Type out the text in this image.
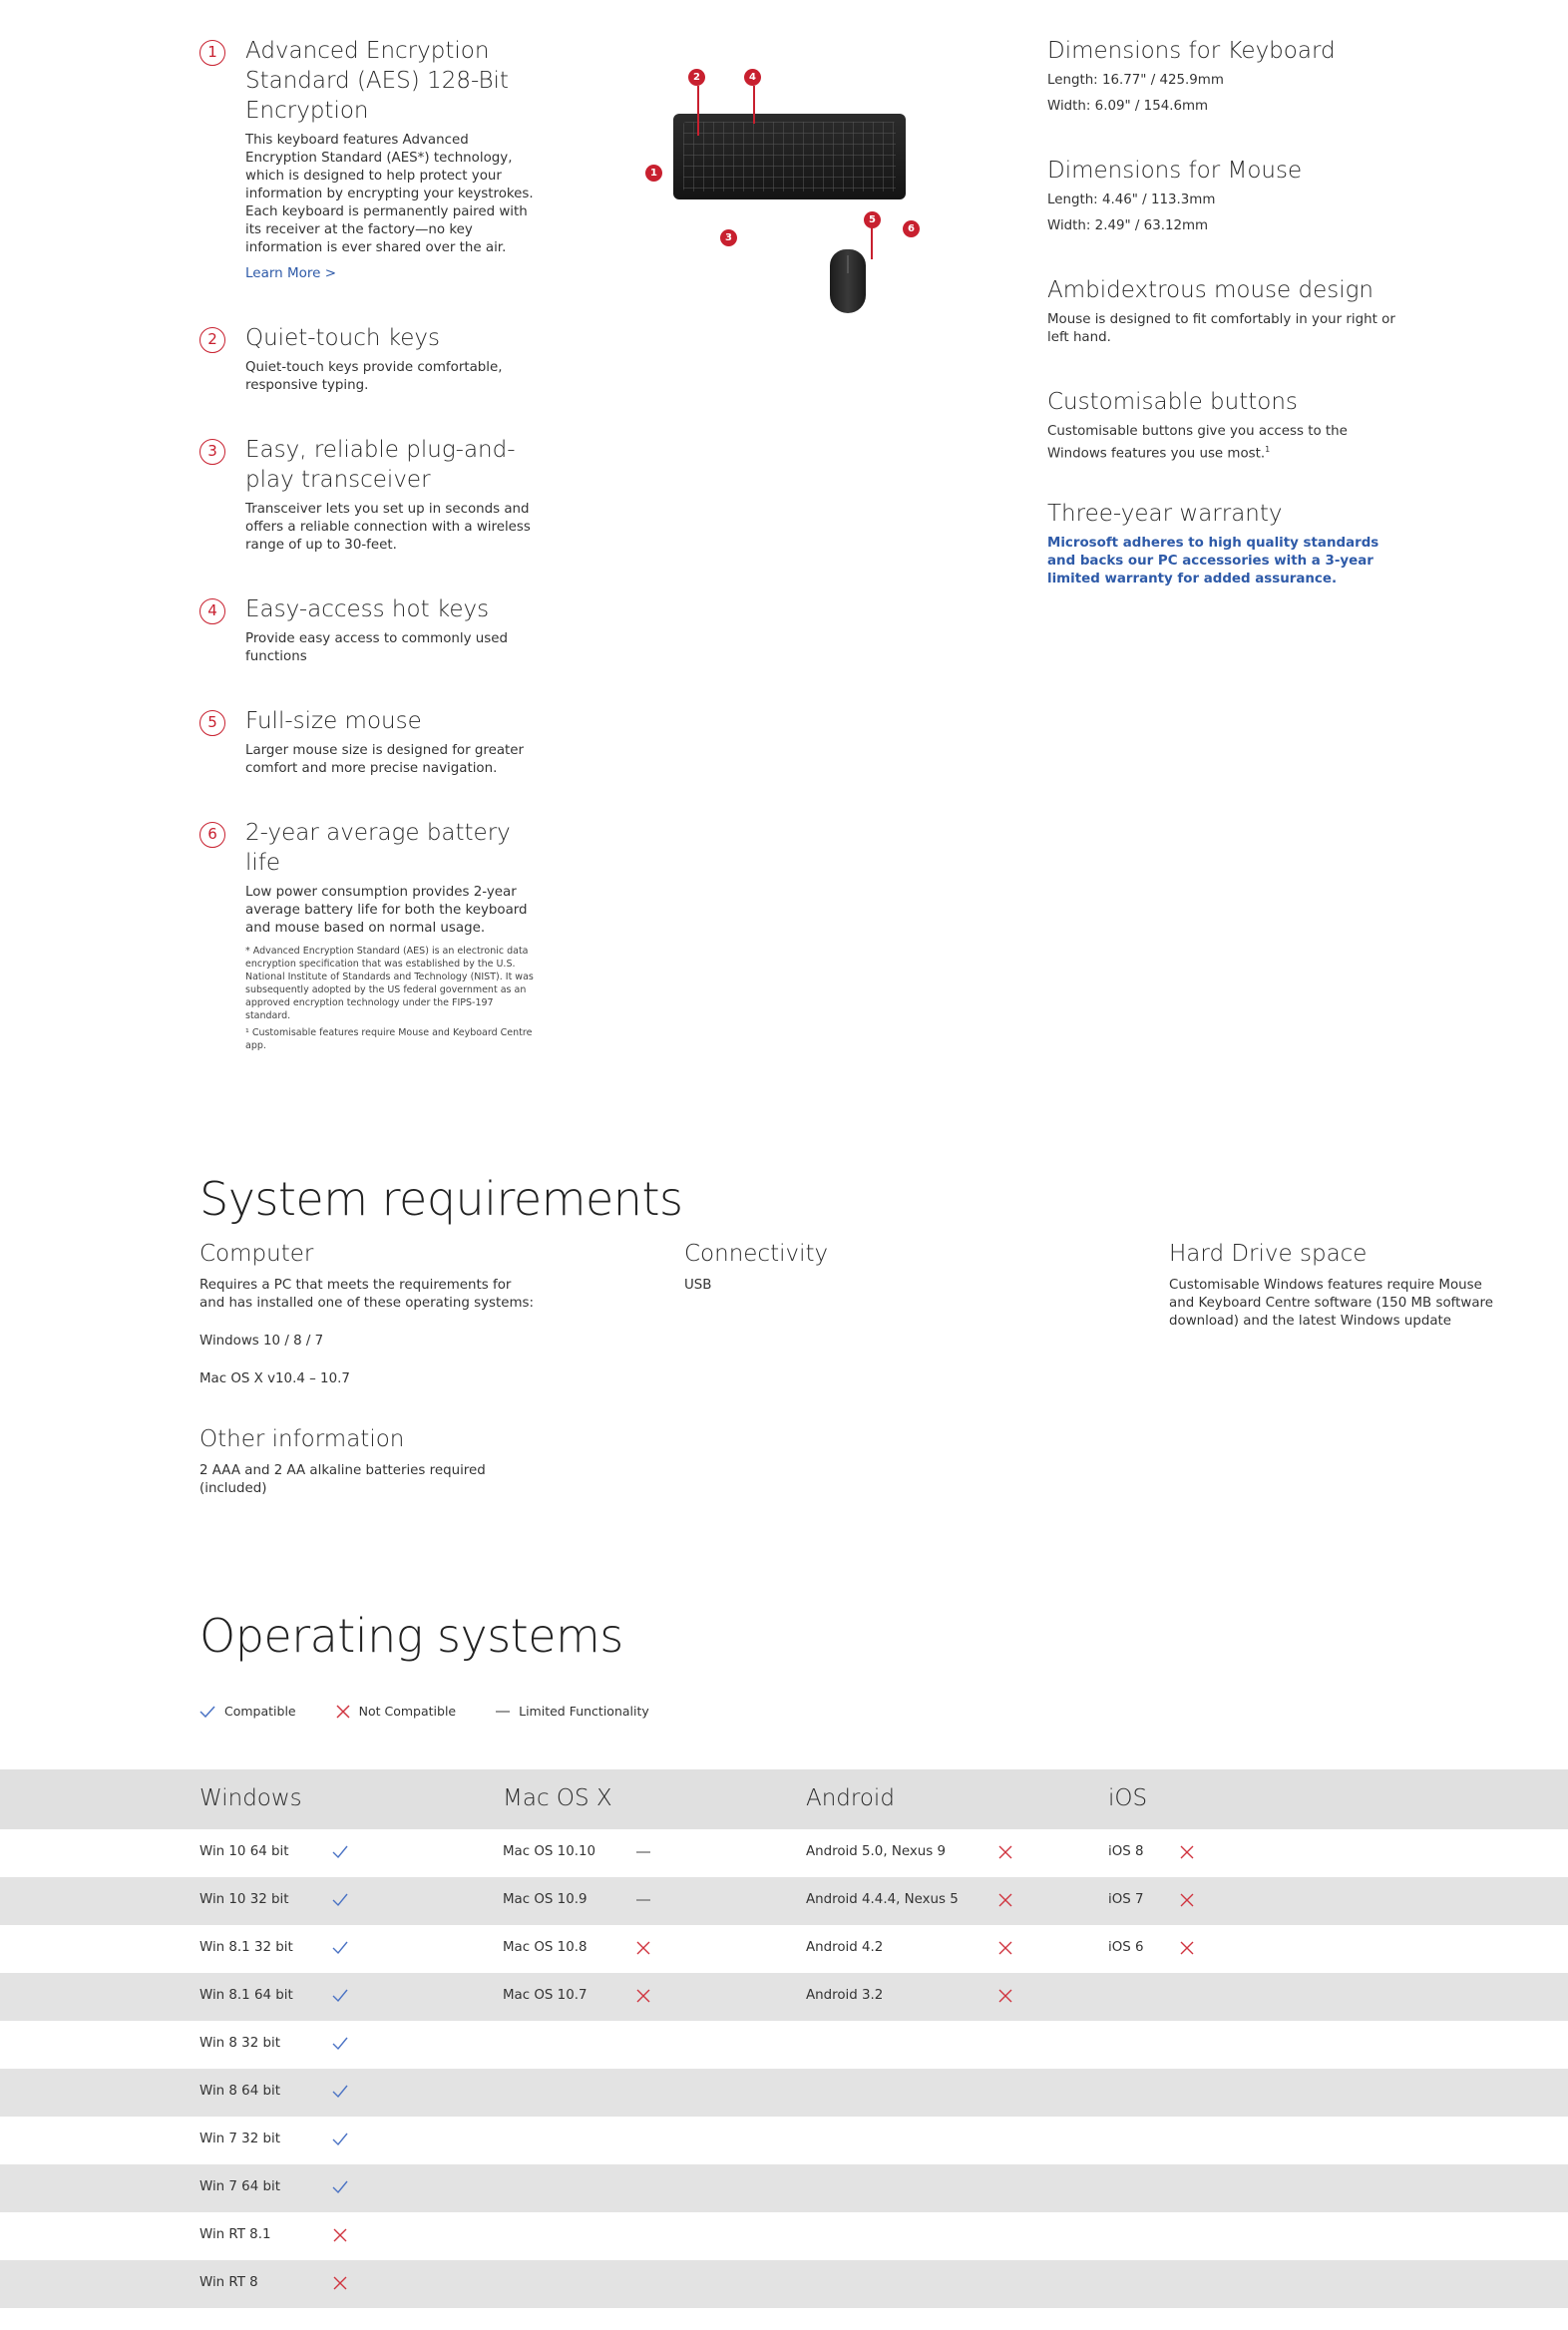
1	Advanced Encryption Standard (AES) 128-Bit Encryption
This keyboard features Advanced Encryption Standard (AES*) technology, which is designed to help protect your information by encrypting your keystrokes. Each keyboard is permanently paired with its receiver at the factory—no key information is ever shared over the air.
Learn More >
2	Quiet-touch keys
Quiet-touch keys provide comfortable, responsive typing.
3	Easy, reliable plug-and-play transceiver
Transceiver lets you set up in seconds and offers a reliable connection with a wireless range of up to 30-feet.
4	Easy-access hot keys
Provide easy access to commonly used functions
5	Full-size mouse
Larger mouse size is designed for greater comfort and more precise navigation.
6	2-year average battery life
Low power consumption provides 2-year average battery life for both the keyboard and mouse based on normal usage.

* Advanced Encryption Standard (AES) is an electronic data encryption specification that was established by the U.S. National Institute of Standards and Technology (NIST). It was subsequently adopted by the US federal government as an approved encryption technology under the FIPS-197 standard.

¹ Customisable features require Mouse and Keyboard Centre app.

1
2
3
4
5
6
Dimensions for Keyboard
Length: 16.77" / 425.9mm
Width: 6.09" / 154.6mm
Dimensions for Mouse
Length: 4.46" / 113.3mm
Width: 2.49" / 63.12mm
Ambidextrous mouse design
Mouse is designed to fit comfortably in your right or left hand.
Customisable buttons
Customisable buttons give you access to the Windows features you use most.$^1$
Three-year warranty
Microsoft adheres to high quality standards and backs our PC accessories with a 3-year limited warranty for added assurance.
System requirements
Computer
Requires a PC that meets the requirements for and has installed one of these operating systems:
Windows 10 / 8 / 7
Mac OS X v10.4 – 10.7
Connectivity
USB
Hard Drive space
Customisable Windows features require Mouse and Keyboard Centre software (150 MB software download) and the latest Windows update
Other information
2 AAA and 2 AA alkaline batteries required (included)
Operating systems
Compatible	Not Compatible	Limited Functionality
Windows	Mac OS X	Android	iOS
Win 10 64 bit	Mac OS 10.10	Android 5.0, Nexus 9	iOS 8
Win 10 32 bit	Mac OS 10.9	Android 4.4.4, Nexus 5	iOS 7
Win 8.1 32 bit	Mac OS 10.8	Android 4.2	iOS 6
Win 8.1 64 bit	Mac OS 10.7	Android 3.2
Win 8 32 bit
Win 8 64 bit
Win 7 32 bit
Win 7 64 bit
Win RT 8.1
Win RT 8
